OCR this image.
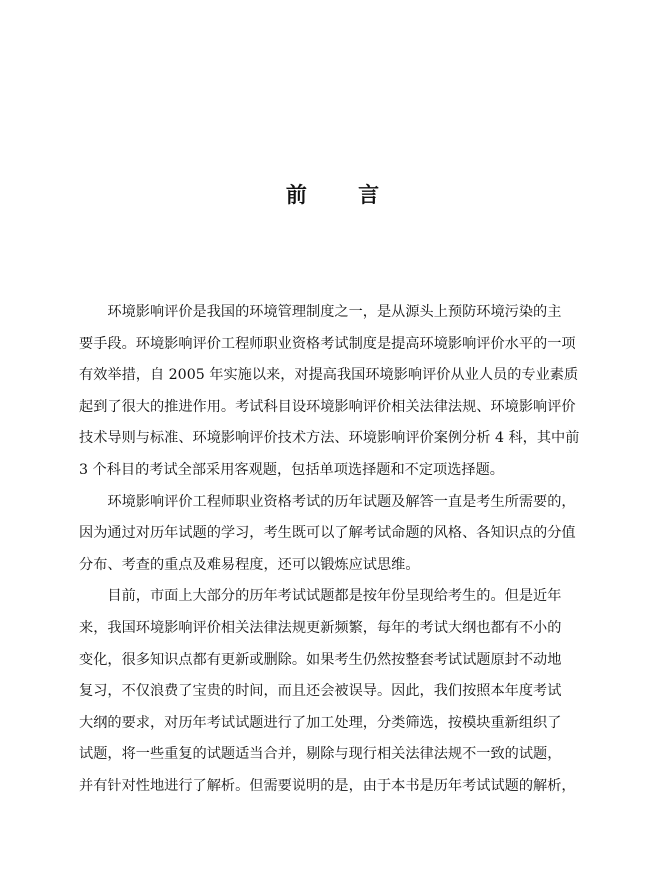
前 言

环境影响评价是我国的环境管理制度之一，是从源头上预防环境污染的主
要手段。环境影响评价工程师职业资格考试制度是提高环境影响评价水平的一项
有效举措，自 2005 年实施以来，对提高我国环境影响评价从业人员的专业素质
起到了很大的推进作用。考试科目设环境影响评价相关法律法规、环境影响评价
技术导则与标准、环境影响评价技术方法、环境影响评价案例分析 4 科，其中前
3 个科目的考试全部采用客观题，包括单项选择题和不定项选择题。

环境影响评价工程师职业资格考试的历年试题及解答一直是考生所需要的，
因为通过对历年试题的学习，考生既可以了解考试命题的风格、各知识点的分值
分布、考查的重点及难易程度，还可以锻炼应试思维。

目前，市面上大部分的历年考试试题都是按年份呈现给考生的。但是近年
来，我国环境影响评价相关法律法规更新频繁，每年的考试大纲也都有不小的
变化，很多知识点都有更新或删除。如果考生仍然按整套考试试题原封不动地
复习，不仅浪费了宝贵的时间，而且还会被误导。因此，我们按照本年度考试
大纲的要求，对历年考试试题进行了加工处理，分类筛选，按模块重新组织了
试题，将一些重复的试题适当合并，剔除与现行相关法律法规不一致的试题，
并有针对性地进行了解析。但需要说明的是，由于本书是历年考试试题的解析，
